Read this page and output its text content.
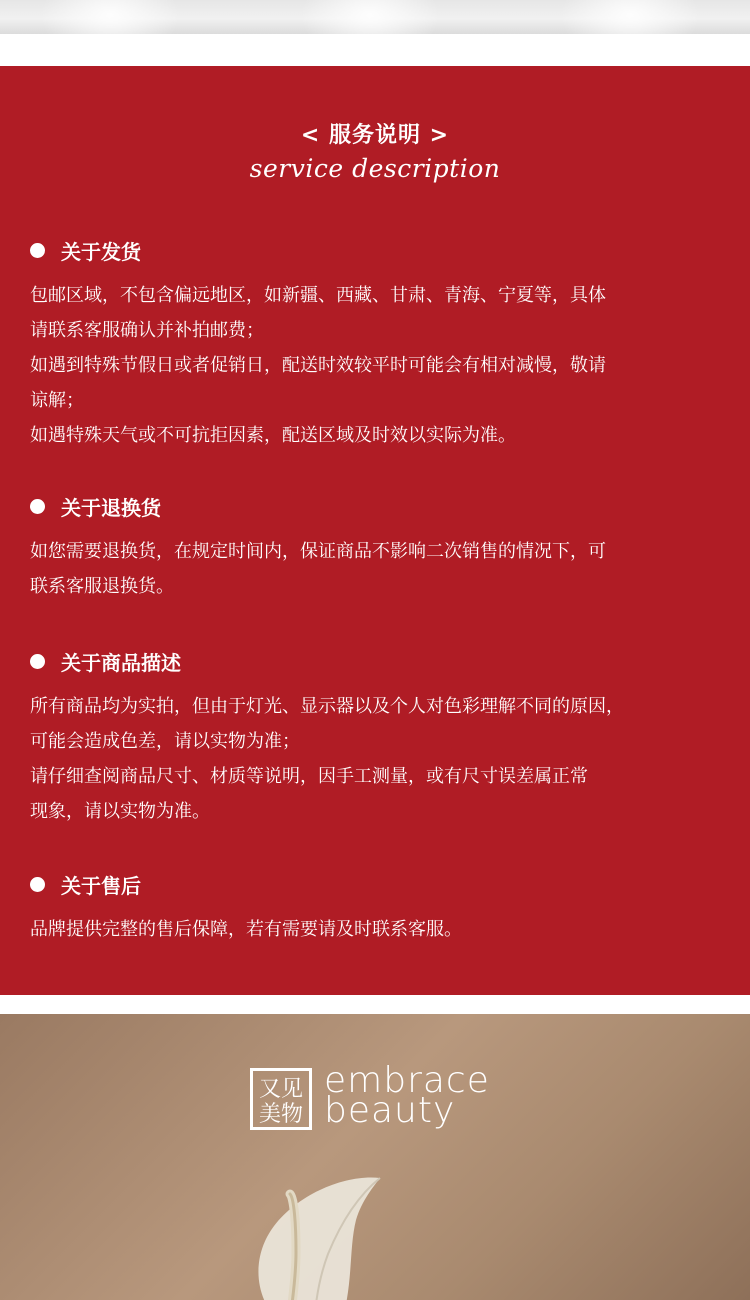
< 服务说明 >
service description
关于发货
包邮区域，不包含偏远地区，如新疆、西藏、甘肃、青海、宁夏等，具体
请联系客服确认并补拍邮费；
如遇到特殊节假日或者促销日，配送时效较平时可能会有相对减慢，敬请
谅解；
如遇特殊天气或不可抗拒因素，配送区域及时效以实际为准。
关于退换货
如您需要退换货，在规定时间内，保证商品不影响二次销售的情况下，可
联系客服退换货。
关于商品描述
所有商品均为实拍，但由于灯光、显示器以及个人对色彩理解不同的原因，
可能会造成色差，请以实物为准；
请仔细查阅商品尺寸、材质等说明，因手工测量，或有尺寸误差属正常
现象，请以实物为准。
关于售后
品牌提供完整的售后保障，若有需要请及时联系客服。
又见
美物
embrace
beauty
